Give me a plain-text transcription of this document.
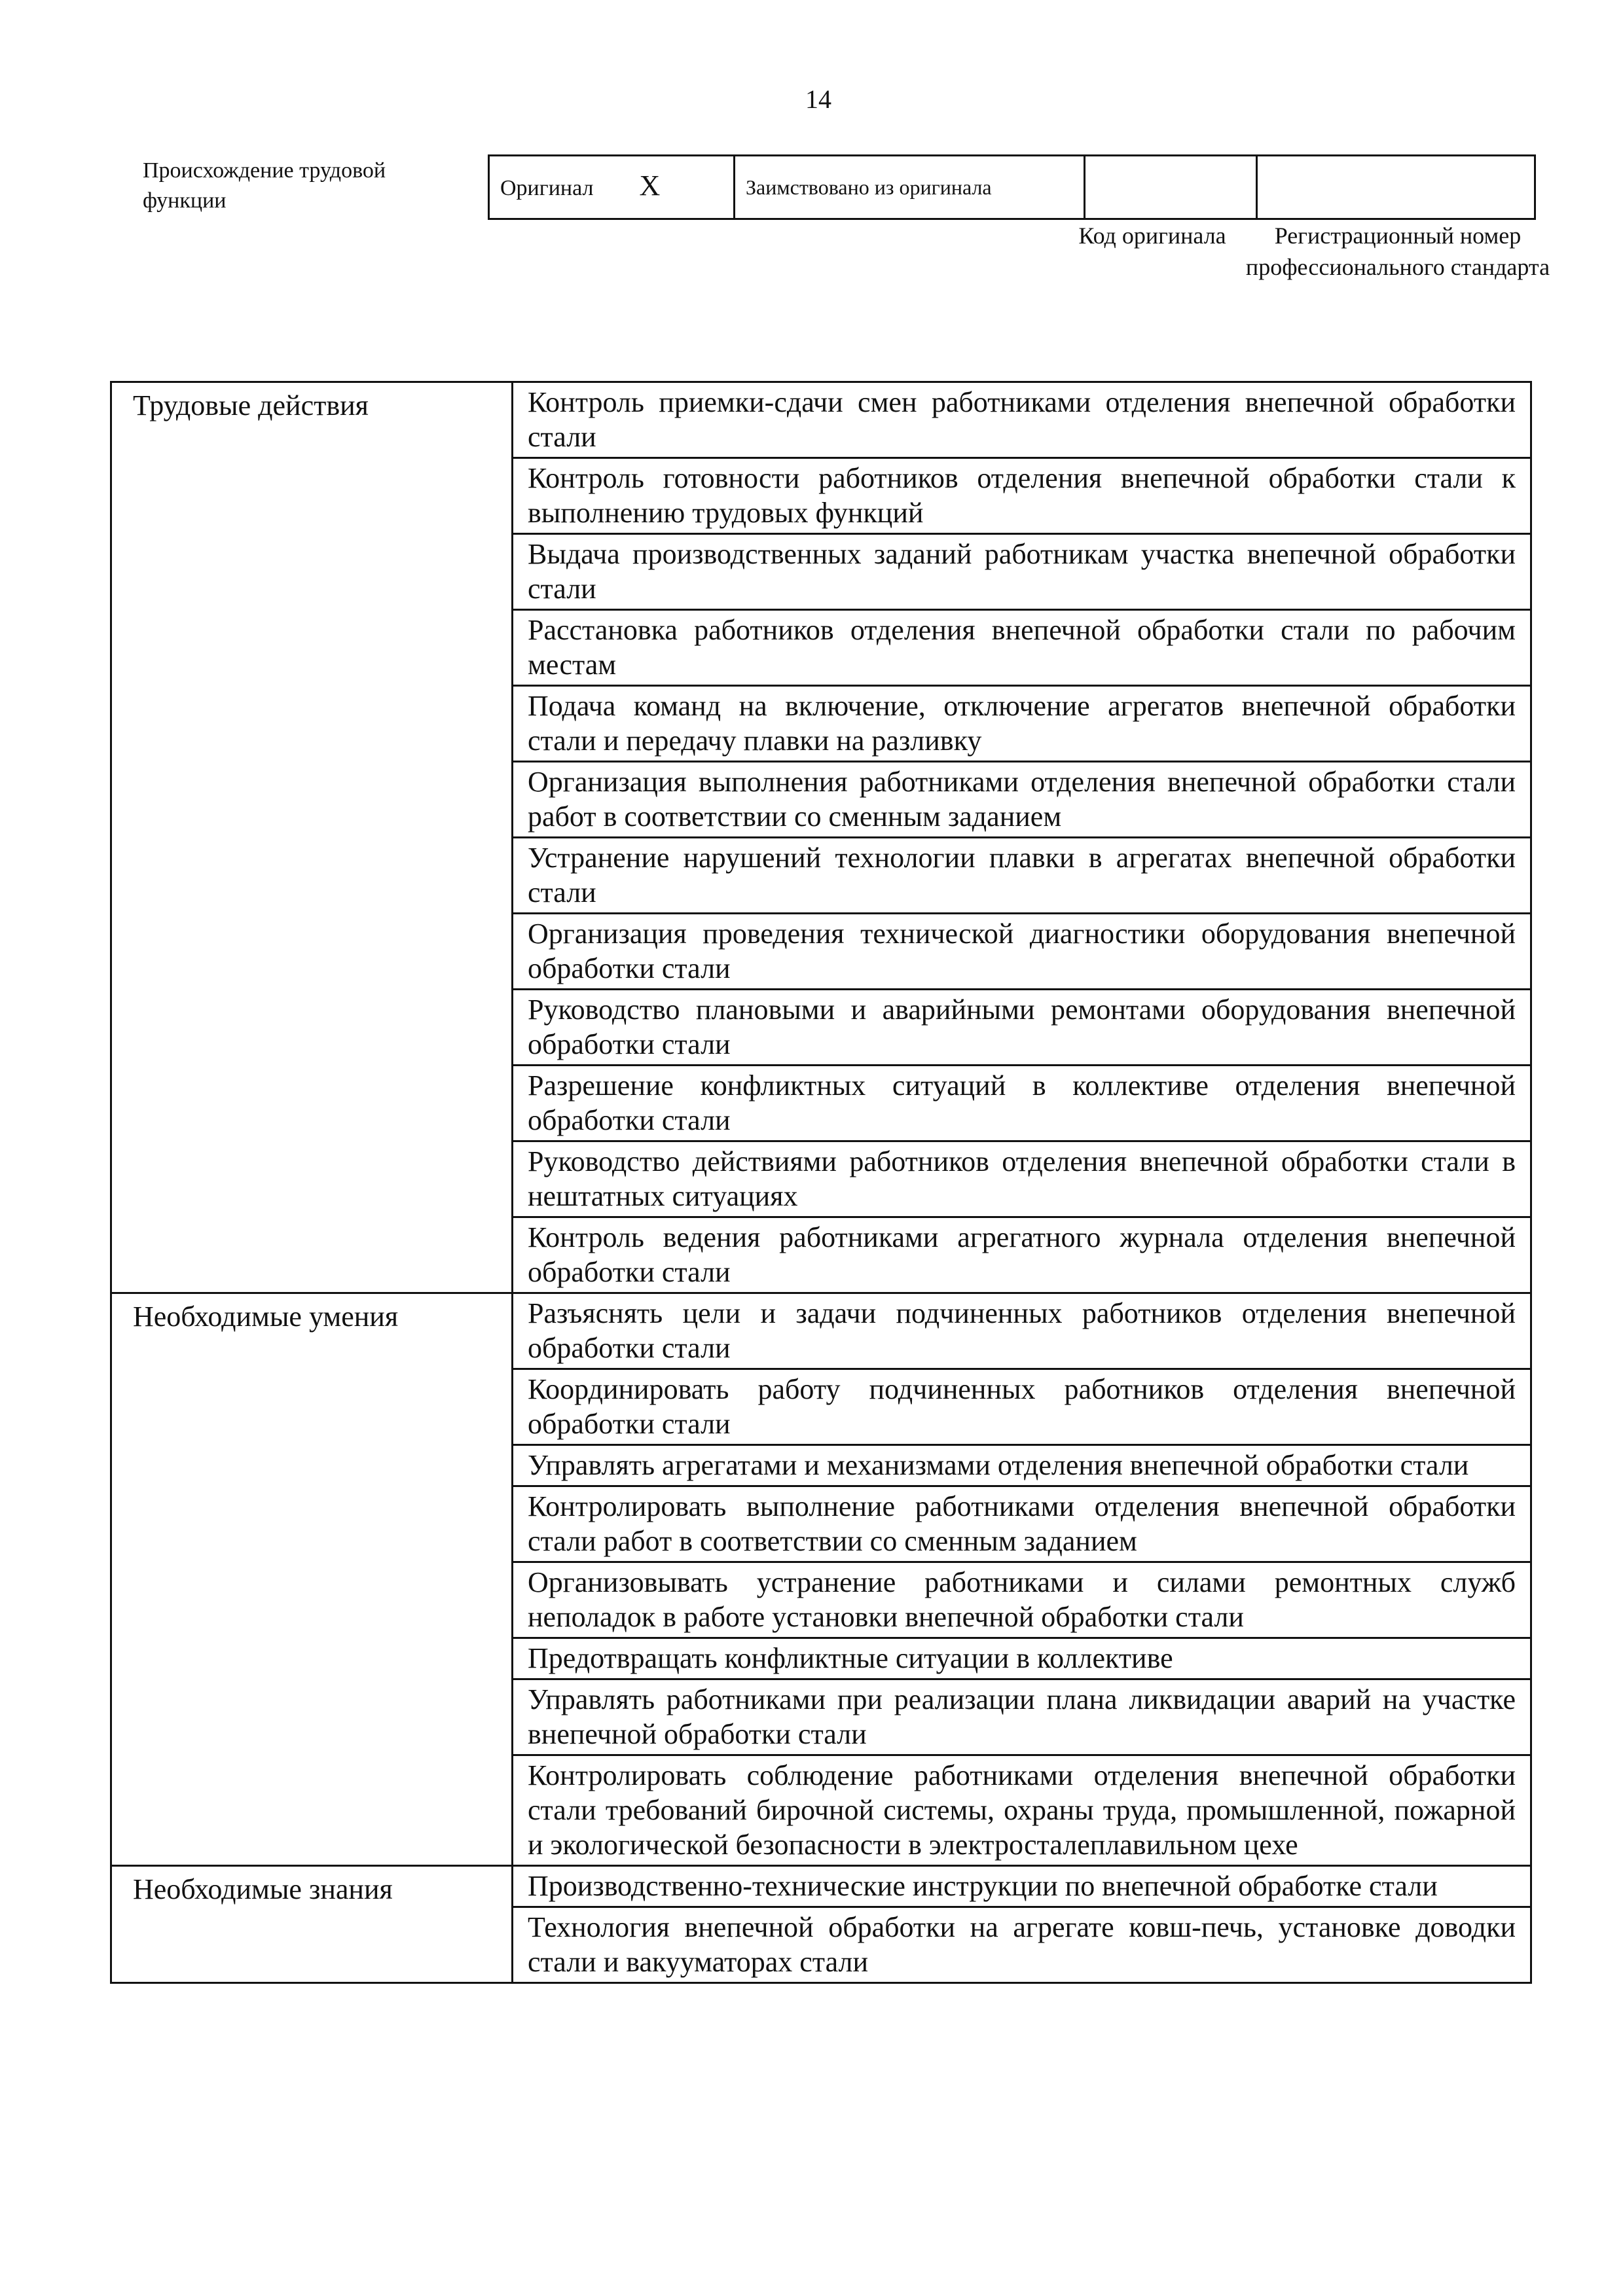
14
Происхождение трудовой функции
Оригинал X	Заимствовано из оригинала		
Код оригинала	Регистрационный номер профессионального стандарта
Трудовые действия	Контроль приемки-сдачи смен работниками отделения внепечной обработки стали
	Контроль готовности работников отделения внепечной обработки стали к выполнению трудовых функций
	Выдача производственных заданий работникам участка внепечной обработки стали
	Расстановка работников отделения внепечной обработки стали по рабочим местам
	Подача команд на включение, отключение агрегатов внепечной обработки стали и передачу плавки на разливку
	Организация выполнения работниками отделения внепечной обработки стали работ в соответствии со сменным заданием
	Устранение нарушений технологии плавки в агрегатах внепечной обработки стали
	Организация проведения технической диагностики оборудования внепечной обработки стали
	Руководство плановыми и аварийными ремонтами оборудования внепечной обработки стали
	Разрешение конфликтных ситуаций в коллективе отделения внепечной обработки стали
	Руководство действиями работников отделения внепечной обработки стали в нештатных ситуациях
	Контроль ведения работниками агрегатного журнала отделения внепечной обработки стали
Необходимые умения	Разъяснять цели и задачи подчиненных работников отделения внепечной обработки стали
	Координировать работу подчиненных работников отделения внепечной обработки стали
	Управлять агрегатами и механизмами отделения внепечной обработки стали
	Контролировать выполнение работниками отделения внепечной обработки стали работ в соответствии со сменным заданием
	Организовывать устранение работниками и силами ремонтных служб неполадок в работе установки внепечной обработки стали
	Предотвращать конфликтные ситуации в коллективе
	Управлять работниками при реализации плана ликвидации аварий на участке внепечной обработки стали
	Контролировать соблюдение работниками отделения внепечной обработки стали требований бирочной системы, охраны труда, промышленной, пожарной и экологической безопасности в электросталеплавильном цехе
Необходимые знания	Производственно-технические инструкции по внепечной обработке стали
	Технология внепечной обработки на агрегате ковш-печь, установке доводки стали и вакууматорах стали
